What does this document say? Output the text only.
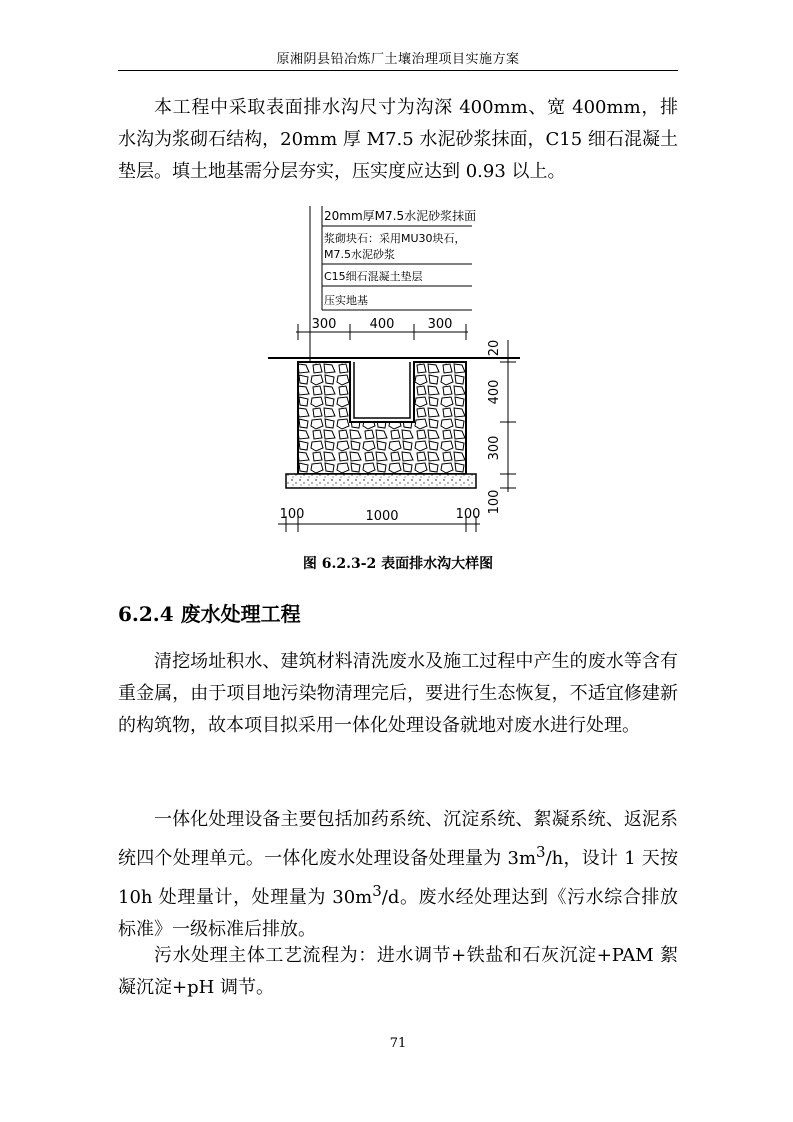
原湘阴县铅冶炼厂土壤治理项目实施方案

本工程中采取表面排水沟尺寸为沟深 400mm、宽 400mm，排水沟为浆砌石结构，20mm 厚 M7.5 水泥砂浆抹面，C15 细石混凝土垫层。填土地基需分层夯实，压实度应达到 0.93 以上。

20mm厚M7.5水泥砂浆抹面
浆砌块石：采用MU30块石，
M7.5水泥砂浆
C15细石混凝土垫层
压实地基
300	400	300
20
400
300
100
100	1000	100
图 6.2.3-2 表面排水沟大样图
6.2.4 废水处理工程

清挖场址积水、建筑材料清洗废水及施工过程中产生的废水等含有重金属，由于项目地污染物清理完后，要进行生态恢复，不适宜修建新的构筑物，故本项目拟采用一体化处理设备就地对废水进行处理。

一体化处理设备主要包括加药系统、沉淀系统、絮凝系统、返泥系统四个处理单元。一体化废水处理设备处理量为 $3m^3/h$，设计 1 天按 10h 处理量计，处理量为 $30m^3/d$。废水经处理达到《污水综合排放标准》一级标准后排放。

污水处理主体工艺流程为：进水调节+铁盐和石灰沉淀+PAM 絮凝沉淀+pH 调节。

71
